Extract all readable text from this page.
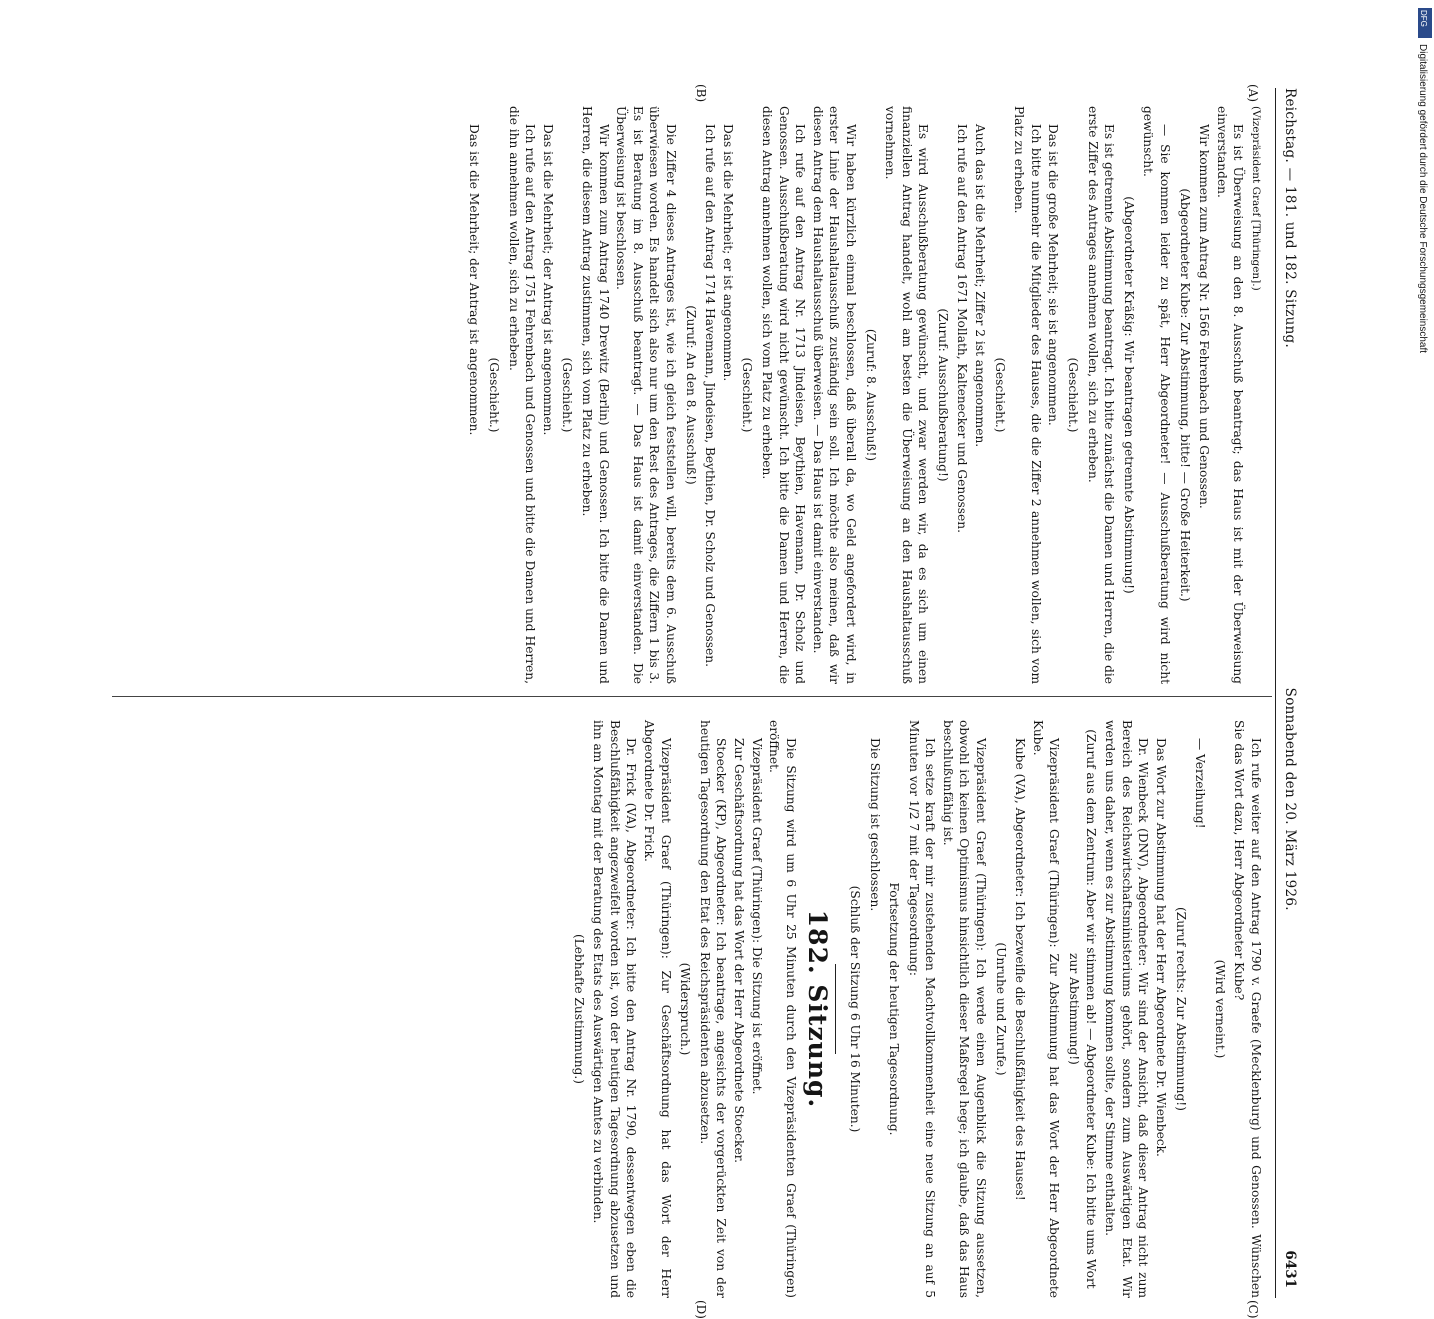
Reichstag. — 181. und 182. Sitzung.
Sonnabend den 20. März 1926.
6431
(A)
(B)
(C)
(D)

(Vizepräsident Graef [Thüringen].)

Es ist Überweisung an den 8. Ausschuß beantragt; das Haus ist mit der Überweisung einverstanden.

Wir kommen zum Antrag Nr. 1566 Fehrenbach und Genossen.

(Abgeordneter Kube: Zur Abstimmung, bitte! — Große Heiterkeit.)

— Sie kommen leider zu spät, Herr Abgeordneter! — Ausschußberatung wird nicht gewünscht.

(Abgeordneter Kräßig: Wir beantragen getrennte Abstimmung!)

Es ist getrennte Abstimmung beantragt. Ich bitte zunächst die Damen und Herren, die die erste Ziffer des Antrages annehmen wollen, sich zu erheben.

(Geschieht.)

Das ist die große Mehrheit; sie ist angenommen.

Ich bitte nunmehr die Mitglieder des Hauses, die die Ziffer 2 annehmen wollen, sich vom Platz zu erheben.

(Geschieht.)

Auch das ist die Mehrheit; Ziffer 2 ist angenommen.

Ich rufe auf den Antrag 1671 Mollath, Kaltenecker und Genossen.

(Zuruf: Ausschußberatung!)

Es wird Ausschußberatung gewünscht, und zwar werden wir, da es sich um einen finanziellen Antrag handelt, wohl am besten die Überweisung an den Haushaltausschuß vornehmen.

(Zuruf: 8. Ausschuß!)

Wir haben kürzlich einmal beschlossen, daß überall da, wo Geld angefordert wird, in erster Linie der Haushaltausschuß zuständig sein soll. Ich möchte also meinen, daß wir diesen Antrag dem Haushaltausschuß überweisen. — Das Haus ist damit einverstanden.

Ich rufe auf den Antrag Nr. 1713 Jindeisen, Beythien, Havemann, Dr. Scholz und Genossen. Ausschußberatung wird nicht gewünscht. Ich bitte die Damen und Herren, die diesen Antrag annehmen wollen, sich vom Platz zu erheben.

(Geschieht.)

Das ist die Mehrheit; er ist angenommen.

Ich rufe auf den Antrag 1714 Havemann, Jindeisen, Beythien, Dr. Scholz und Genossen.

(Zuruf: An den 8. Ausschuß!)

Die Ziffer 4 dieses Antrages ist, wie ich gleich feststellen will, bereits dem 6. Ausschuß überwiesen worden. Es handelt sich also nur um den Rest des Antrages, die Ziffern 1 bis 3. Es ist Beratung im 8. Ausschuß beantragt. — Das Haus ist damit einverstanden. Die Überweisung ist beschlossen.

Wir kommen zum Antrag 1740 Drewitz (Berlin) und Genossen. Ich bitte die Damen und Herren, die diesem Antrag zustimmen, sich vom Platz zu erheben.

(Geschieht.)

Das ist die Mehrheit; der Antrag ist angenommen.

Ich rufe auf den Antrag 1751 Fehrenbach und Genossen und bitte die Damen und Herren, die ihn annehmen wollen, sich zu erheben.

(Geschieht.)

Das ist die Mehrheit; der Antrag ist angenommen.

Ich rufe weiter auf den Antrag 1790 v. Graefe (Mecklenburg) und Genossen. Wünschen Sie das Wort dazu, Herr Abgeordneter Kube?

(Wird verneint.)

— Verzeihung!

(Zuruf rechts: Zur Abstimmung!)

Das Wort zur Abstimmung hat der Herr Abgeordnete Dr. Wienbeck.

Dr. Wienbeck (DNV), Abgeordneter: Wir sind der Ansicht, daß dieser Antrag nicht zum Bereich des Reichswirtschaftsministeriums gehört, sondern zum Auswärtigen Etat. Wir werden uns daher, wenn es zur Abstimmung kommen sollte, der Stimme enthalten.

(Zuruf aus dem Zentrum: Aber wir stimmen ab! — Abgeordneter Kube: Ich bitte ums Wort zur Abstimmung!)

Vizepräsident Graef (Thüringen): Zur Abstimmung hat das Wort der Herr Abgeordnete Kube.

Kube (VA), Abgeordneter: Ich bezweifle die Beschlußfähigkeit des Hauses!

(Unruhe und Zurufe.)

Vizepräsident Graef (Thüringen): Ich werde einen Augenblick die Sitzung aussetzen, obwohl ich keinen Optimismus hinsichtlich dieser Maßregel hege; ich glaube, daß das Haus beschlußunfähig ist.

Ich setze kraft der mir zustehenden Machtvollkommenheit eine neue Sitzung an auf 5 Minuten vor 1/2 7 mit der Tagesordnung:

Fortsetzung der heutigen Tagesordnung.

Die Sitzung ist geschlossen.

(Schluß der Sitzung 6 Uhr 16 Minuten.)

182. Sitzung.

Die Sitzung wird um 6 Uhr 25 Minuten durch den Vizepräsidenten Graef (Thüringen) eröffnet.

Vizepräsident Graef (Thüringen): Die Sitzung ist eröffnet.

Zur Geschäftsordnung hat das Wort der Herr Abgeordnete Stoecker.

Stoecker (KP), Abgeordneter: Ich beantrage, angesichts der vorgerückten Zeit von der heutigen Tagesordnung den Etat des Reichspräsidenten abzusetzen.

(Widerspruch.)

Vizepräsident Graef (Thüringen): Zur Geschäftsordnung hat das Wort der Herr Abgeordnete Dr. Frick.

Dr. Frick (VA), Abgeordneter: Ich bitte den Antrag Nr. 1790, dessentwegen eben die Beschlußfähigkeit angezweifelt worden ist, von der heutigen Tagesordnung abzusetzen und ihn am Montag mit der Beratung des Etats des Auswärtigen Amtes zu verbinden.

(Lebhafte Zustimmung.)

DFG
Digitalisierung gefördert durch die Deutsche Forschungsgemeinschaft
